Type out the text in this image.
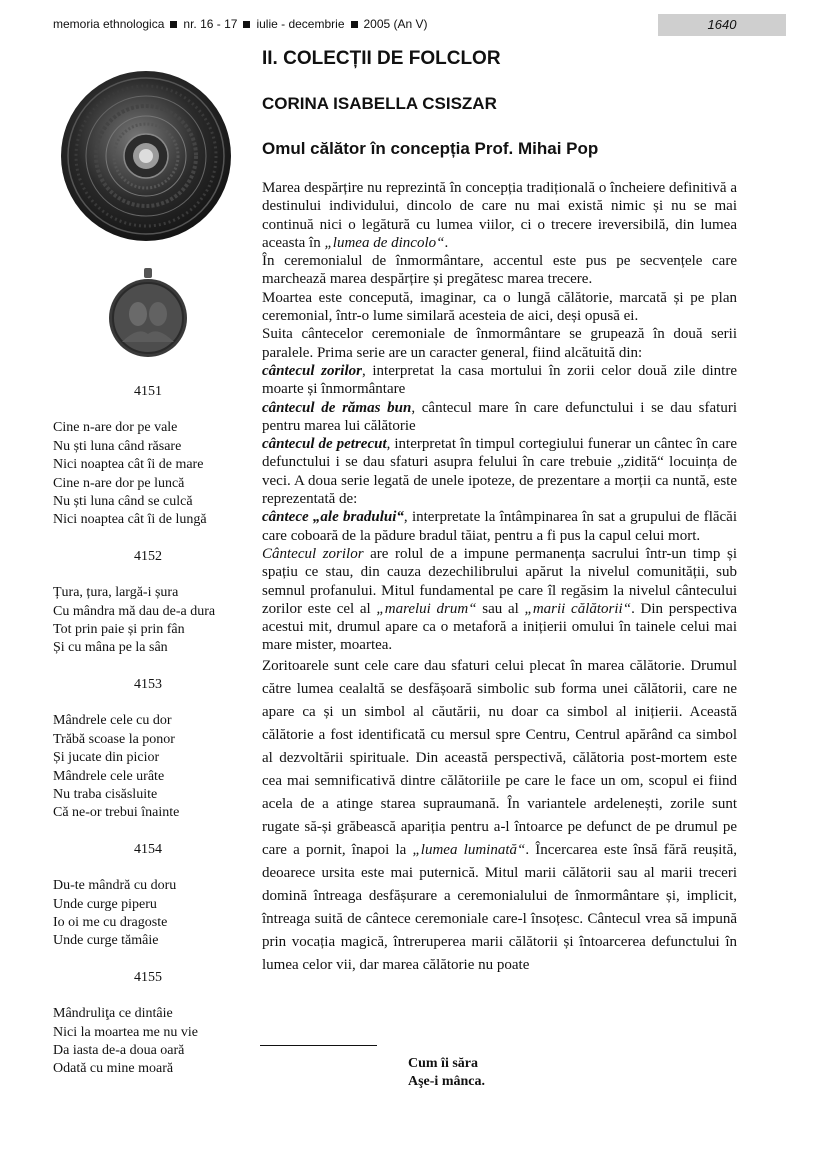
memoria ethnologica nr. 16 - 17 iulie - decembrie 2005 (An V)	1640

4151

Cine n-are dor pe vale
Nu ști luna când răsare
Nici noaptea cât îi de mare
Cine n-are dor pe luncă
Nu ști luna când se culcă
Nici noaptea cât îi de lungă

4152

Țura, țura, largă-i șura
Cu mândra mă dau de-a dura
Tot prin paie și prin fân
Și cu mâna pe la sân

4153

Mândrele cele cu dor
Trăbă scoase la ponor
Și jucate din picior
Mândrele cele urâte
Nu traba cisăsluite
Că ne-or trebui înainte

4154

Du-te mândră cu doru
Unde curge piperu
Io oi me cu dragoste
Unde curge tămâie

4155

Mândruliţa ce dintâie
Nici la moartea me nu vie
Da iasta de-a doua oară
Odată cu mine moară
II. COLECȚII DE FOLCLOR
CORINA ISABELLA CSISZAR
Omul călător în concepția Prof. Mihai Pop

Marea despărțire nu reprezintă în concepția tradițională o încheiere definitivă a destinului individului, dincolo de care nu mai există nimic și nu se mai continuă nici o legătură cu lumea viilor, ci o trecere ireversibilă, din lumea aceasta în „lumea de dincolo“.

În ceremonialul de înmormântare, accentul este pus pe secvențele care marchează marea despărțire și pregătesc marea trecere.

Moartea este concepută, imaginar, ca o lungă călătorie, marcată și pe plan ceremonial, într-o lume similară acesteia de aici, deși opusă ei.

Suita cântecelor ceremoniale de înmormântare se grupează în două serii paralele. Prima serie are un caracter general, fiind alcătuită din:

cântecul zorilor, interpretat la casa mortului în zorii celor două zile dintre moarte și înmormântare

cântecul de rămas bun, cântecul mare în care defunctului i se dau sfaturi pentru marea lui călătorie

cântecul de petrecut, interpretat în timpul cortegiului funerar un cântec în care defunctului i se dau sfaturi asupra felului în care trebuie „zidită“ locuința de veci. A doua serie legată de unele ipoteze, de prezentare a morții ca nuntă, este reprezentată de:

cântece „ale bradului“, interpretate la întâmpinarea în sat a grupului de flăcăi care coboară de la pădure bradul tăiat, pentru a fi pus la capul celui mort.

Cântecul zorilor are rolul de a impune permanența sacrului într-un timp și spațiu ce stau, din cauza dezechilibrului apărut la nivelul comunității, sub semnul profanului. Mitul fundamental pe care îl regăsim la nivelul cântecului zorilor este cel al „marelui drum“ sau al „marii călătorii“. Din perspectiva acestui mit, drumul apare ca o metaforă a inițierii omului în tainele celui mai mare mister, moartea.

Zoritoarele sunt cele care dau sfaturi celui plecat în marea călătorie. Drumul către lumea cealaltă se desfășoară simbolic sub forma unei călătorii, care ne apare ca și un simbol al căutării, nu doar ca simbol al inițierii. Această călătorie a fost identificată cu mersul spre Centru, Centrul apărând ca simbol al dezvoltării spirituale. Din această perspectivă, călătoria post-mortem este cea mai semnificativă dintre călătoriile pe care le face un om, scopul ei fiind acela de a atinge starea supraumană. În variantele ardelenești, zorile sunt rugate să-și grăbească apariția pentru a-l întoarce pe defunct de pe drumul pe care a pornit, înapoi la „lumea luminată“. Încercarea este însă fără reușită, deoarece ursita este mai puternică. Mitul marii călătorii sau al marii treceri domină întreaga desfășurare a ceremonialului de înmormântare și, implicit, întreaga suită de cântece ceremoniale care-l însoțesc. Cântecul vrea să impună prin vocația magică, întreruperea marii călătorii și întoarcerea defunctului în lumea celor vii, dar marea călătorie nu poate

Cum îi săra
Aşe-i mânca.
